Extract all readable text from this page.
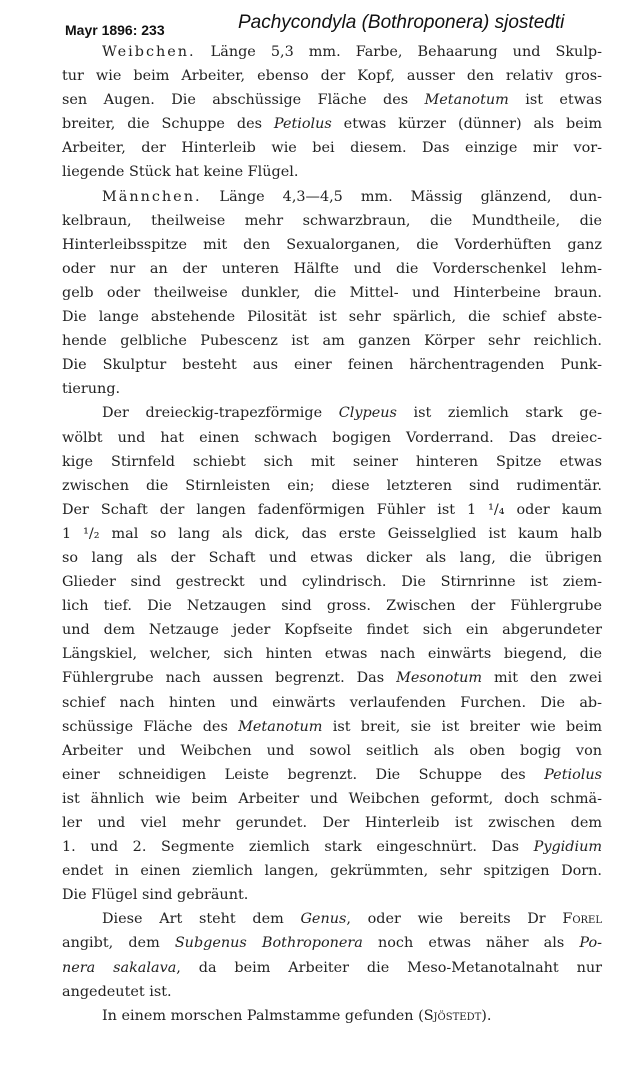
Mayr 1896: 233	Pachycondyla (Bothroponera) sjostedti
Weibchen. Länge 5,3 mm. Farbe, Behaarung und Skulp-
tur wie beim Arbeiter, ebenso der Kopf, ausser den relativ gros-
sen Augen. Die abschüssige Fläche des Metanotum ist etwas
breiter, die Schuppe des Petiolus etwas kürzer (dünner) als beim
Arbeiter, der Hinterleib wie bei diesem. Das einzige mir vor-
liegende Stück hat keine Flügel.
Männchen. Länge 4,3—4,5 mm. Mässig glänzend, dun-
kelbraun, theilweise mehr schwarzbraun, die Mundtheile, die
Hinterleibsspitze mit den Sexualorganen, die Vorderhüften ganz
oder nur an der unteren Hälfte und die Vorderschenkel lehm-
gelb oder theilweise dunkler, die Mittel- und Hinterbeine braun.
Die lange abstehende Pilosität ist sehr spärlich, die schief abste-
hende gelbliche Pubescenz ist am ganzen Körper sehr reichlich.
Die Skulptur besteht aus einer feinen härchentragenden Punk-
tierung.
Der dreieckig-trapezförmige Clypeus ist ziemlich stark ge-
wölbt und hat einen schwach bogigen Vorderrand. Das dreiec-
kige Stirnfeld schiebt sich mit seiner hinteren Spitze etwas
zwischen die Stirnleisten ein; diese letzteren sind rudimentär.
Der Schaft der langen fadenförmigen Fühler ist 1 ¹/₄ oder kaum
1 ¹/₂ mal so lang als dick, das erste Geisselglied ist kaum halb
so lang als der Schaft und etwas dicker als lang, die übrigen
Glieder sind gestreckt und cylindrisch. Die Stirnrinne ist ziem-
lich tief. Die Netzaugen sind gross. Zwischen der Fühlergrube
und dem Netzauge jeder Kopfseite findet sich ein abgerundeter
Längskiel, welcher, sich hinten etwas nach einwärts biegend, die
Fühlergrube nach aussen begrenzt. Das Mesonotum mit den zwei
schief nach hinten und einwärts verlaufenden Furchen. Die ab-
schüssige Fläche des Metanotum ist breit, sie ist breiter wie beim
Arbeiter und Weibchen und sowol seitlich als oben bogig von
einer schneidigen Leiste begrenzt. Die Schuppe des Petiolus
ist ähnlich wie beim Arbeiter und Weibchen geformt, doch schmä-
ler und viel mehr gerundet. Der Hinterleib ist zwischen dem
1. und 2. Segmente ziemlich stark eingeschnürt. Das Pygidium
endet in einen ziemlich langen, gekrümmten, sehr spitzigen Dorn.
Die Flügel sind gebräunt.
Diese Art steht dem Genus, oder wie bereits Dr Forel
angibt, dem Subgenus Bothroponera noch etwas näher als Po-
nera sakalava, da beim Arbeiter die Meso-Metanotalnaht nur
angedeutet ist.
In einem morschen Palmstamme gefunden (Sjöstedt).
